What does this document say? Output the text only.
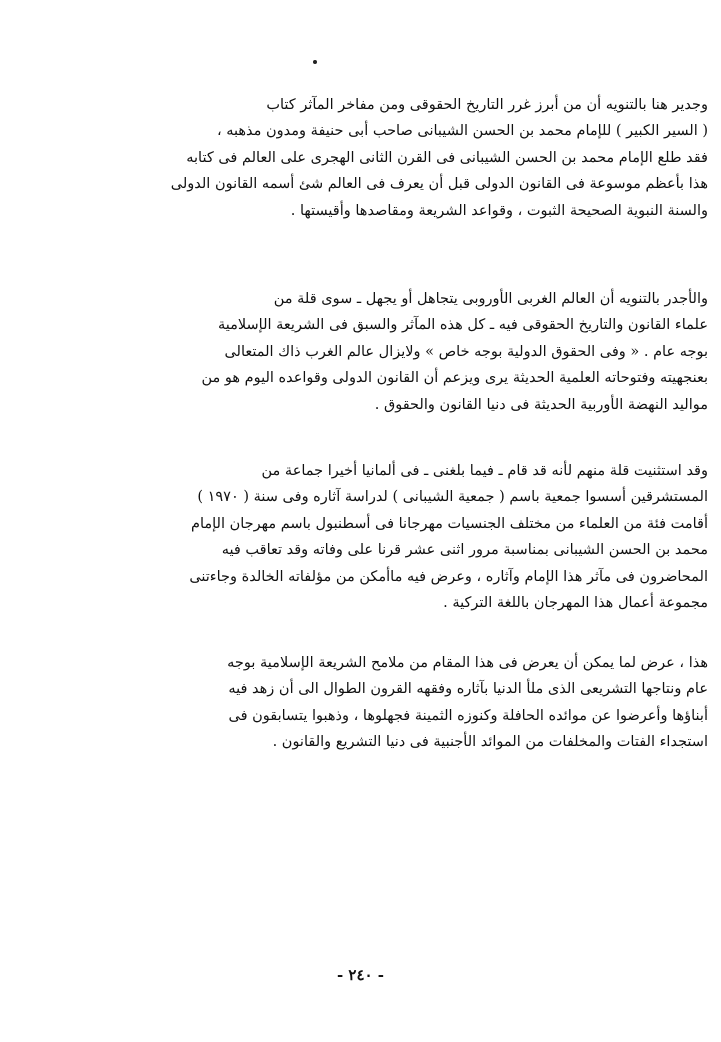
وجدير هنا بالتنويه أن من أبرز غرر التاريخ الحقوقى ومن مفاخر المآثر كتاب
( السير الكبير ) للإمام محمد بن الحسن الشيبانى صاحب أبى حنيفة ومدون مذهبه ،
فقد طلع الإمام محمد بن الحسن الشيبانى فى القرن الثانى الهجرى على العالم فى كتابه
هذا بأعظم موسوعة فى القانون الدولى قبل أن يعرف فى العالم شئ أسمه القانون الدولى
والسنة النبوية الصحيحة الثبوت ، وقواعد الشريعة ومقاصدها وأقيستها .

والأجدر بالتنويه أن العالم الغربى الأوروبى يتجاهل أو يجهل ـ سوى قلة من
علماء القانون والتاريخ الحقوقى فيه ـ كل هذه المآثر والسبق فى الشريعة الإسلامية
بوجه عام . « وفى الحقوق الدولية بوجه خاص » ولايزال عالم الغرب ذاك المتعالى
بعنجهيته وفتوحاته العلمية الحديثة يرى ويزعم أن القانون الدولى وقواعده اليوم هو من
مواليد النهضة الأوربية الحديثة فى دنيا القانون والحقوق .

وقد استثنيت قلة منهم لأنه قد قام ـ فيما بلغنى ـ فى ألمانيا أخيرا جماعة من
المستشرقين أسسوا جمعية باسم ( جمعية الشيبانى ) لدراسة آثاره وفى سنة ( ١٩٧٠ )
أقامت فئة من العلماء من مختلف الجنسيات مهرجانا فى أسطنبول باسم مهرجان الإمام
محمد بن الحسن الشيبانى بمناسبة مرور اثنى عشر قرنا على وفاته وقد تعاقب فيه
المحاضرون فى مآثر هذا الإمام وآثاره ، وعرض فيه ماأمكن من مؤلفاته الخالدة وجاءتنى
مجموعة أعمال هذا المهرجان باللغة التركية .

هذا ، عرض لما يمكن أن يعرض فى هذا المقام من ملامح الشريعة الإسلامية بوجه
عام ونتاجها التشريعى الذى ملأ الدنيا بآثاره وفقهه القرون الطوال الى أن زهد فيه
أبناؤها وأعرضوا عن موائده الحافلة وكنوزه الثمينة فجهلوها ، وذهبوا يتسابقون فى
استجداء الفتات والمخلفات من الموائد الأجنبية فى دنيا التشريع والقانون .

- ٢٤٠ -
